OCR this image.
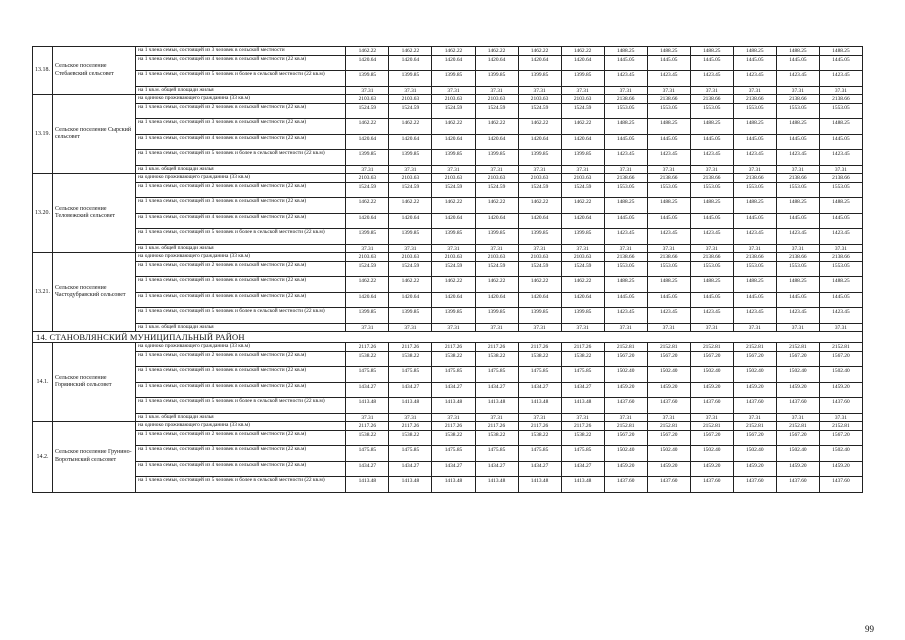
13.18.	Сельское поселение Стебаевский сельсовет	на 1 члена семьи, состоящей из 3 человек в сельской местности	1462.22	1462.22	1462.22	1462.22	1462.22	1462.22	1488.25	1488.25	1488.25	1488.25	1488.25	1488.25
		на 1 члена семьи, состоящей из 4 человек в сельской местности (22 кв.м)	1420.64	1420.64	1420.64	1420.64	1420.64	1420.64	1445.05	1445.05	1445.05	1445.05	1445.05	1445.05
		на 1 члена семьи, состоящей из 5 человек и более в сельской местности (22 кв.м)	1399.85	1399.85	1399.85	1399.85	1399.85	1399.85	1423.45	1423.45	1423.45	1423.45	1423.45	1423.45
		на 1 кв.м. общей площади жилья	37.31	37.31	37.31	37.31	37.31	37.31	37.31	37.31	37.31	37.31	37.31	37.31
13.19.	Сельское поселение Сырский сельсовет	на одиноко проживающего гражданина (33 кв.м)	2103.63	2103.63	2103.63	2103.63	2103.63	2103.63	2138.66	2138.66	2138.66	2138.66	2138.66	2138.66
		на 1 члена семьи, состоящей из 2 человек в сельской местности (22 кв.м)	1524.59	1524.59	1524.59	1524.59	1524.59	1524.59	1553.05	1553.05	1553.05	1553.05	1553.05	1553.05
		на 1 члена семьи, состоящей из 3 человек в сельской местности (22 кв.м)	1462.22	1462.22	1462.22	1462.22	1462.22	1462.22	1488.25	1488.25	1488.25	1488.25	1488.25	1488.25
		на 1 члена семьи, состоящей из 4 человек в сельской местности (22 кв.м)	1420.64	1420.64	1420.64	1420.64	1420.64	1420.64	1445.05	1445.05	1445.05	1445.05	1445.05	1445.05
		на 1 члена семьи, состоящей из 5 человек и более в сельской местности (22 кв.м)	1399.85	1399.85	1399.85	1399.85	1399.85	1399.85	1423.45	1423.45	1423.45	1423.45	1423.45	1423.45
		на 1 кв.м. общей площади жилья	37.31	37.31	37.31	37.31	37.31	37.31	37.31	37.31	37.31	37.31	37.31	37.31
13.20.	Сельское поселение Теловежский сельсовет	на одиноко проживающего гражданина (33 кв.м)	2103.63	2103.63	2103.63	2103.63	2103.63	2103.63	2138.66	2138.66	2138.66	2138.66	2138.66	2138.66
		на 1 члена семьи, состоящей из 2 человек в сельской местности (22 кв.м)	1524.59	1524.59	1524.59	1524.59	1524.59	1524.59	1553.05	1553.05	1553.05	1553.05	1553.05	1553.05
		на 1 члена семьи, состоящей из 3 человек в сельской местности (22 кв.м)	1462.22	1462.22	1462.22	1462.22	1462.22	1462.22	1488.25	1488.25	1488.25	1488.25	1488.25	1488.25
		на 1 члена семьи, состоящей из 4 человек в сельской местности (22 кв.м)	1420.64	1420.64	1420.64	1420.64	1420.64	1420.64	1445.05	1445.05	1445.05	1445.05	1445.05	1445.05
		на 1 члена семьи, состоящей из 5 человек и более в сельской местности (22 кв.м)	1399.85	1399.85	1399.85	1399.85	1399.85	1399.85	1423.45	1423.45	1423.45	1423.45	1423.45	1423.45
		на 1 кв.м. общей площади жилья	37.31	37.31	37.31	37.31	37.31	37.31	37.31	37.31	37.31	37.31	37.31	37.31
13.21.	Сельское поселение Частодубравский сельсовет	на одиноко проживающего гражданина (33 кв.м)	2103.63	2103.63	2103.63	2103.63	2103.63	2103.63	2138.66	2138.66	2138.66	2138.66	2138.66	2138.66
		на 1 члена семьи, состоящей из 2 человек в сельской местности (22 кв.м)	1524.59	1524.59	1524.59	1524.59	1524.59	1524.59	1553.05	1553.05	1553.05	1553.05	1553.05	1553.05
		на 1 члена семьи, состоящей из 3 человек в сельской местности (22 кв.м)	1462.22	1462.22	1462.22	1462.22	1462.22	1462.22	1488.25	1488.25	1488.25	1488.25	1488.25	1488.25
		на 1 члена семьи, состоящей из 4 человек в сельской местности (22 кв.м)	1420.64	1420.64	1420.64	1420.64	1420.64	1420.64	1445.05	1445.05	1445.05	1445.05	1445.05	1445.05
		на 1 члена семьи, состоящей из 5 человек и более в сельской местности (22 кв.м)	1399.85	1399.85	1399.85	1399.85	1399.85	1399.85	1423.45	1423.45	1423.45	1423.45	1423.45	1423.45
		на 1 кв.м. общей площади жилья	37.31	37.31	37.31	37.31	37.31	37.31	37.31	37.31	37.31	37.31	37.31	37.31
14. СТАНОВЛЯНСКИЙ МУНИЦИПАЛЬНЫЙ РАЙОН														
14.1.	Сельское поселение Горяинский сельсовет	на одиноко проживающего гражданина (33 кв.м)	2117.26	2117.26	2117.26	2117.26	2117.26	2117.26	2152.81	2152.81	2152.81	2152.81	2152.81	2152.81
		на 1 члена семьи, состоящей из 2 человек в сельской местности (22 кв.м)	1538.22	1538.22	1538.22	1538.22	1538.22	1538.22	1567.20	1567.20	1567.20	1567.20	1567.20	1567.20
		на 1 члена семьи, состоящей из 3 человек в сельской местности (22 кв.м)	1475.85	1475.85	1475.85	1475.85	1475.85	1475.85	1502.40	1502.40	1502.40	1502.40	1502.40	1502.40
		на 1 члена семьи, состоящей из 4 человек в сельской местности (22 кв.м)	1434.27	1434.27	1434.27	1434.27	1434.27	1434.27	1459.20	1459.20	1459.20	1459.20	1459.20	1459.20
		на 1 члена семьи, состоящей из 5 человек и более в сельской местности (22 кв.м)	1413.48	1413.48	1413.48	1413.48	1413.48	1413.48	1437.60	1437.60	1437.60	1437.60	1437.60	1437.60
		на 1 кв.м. общей площади жилья	37.31	37.31	37.31	37.31	37.31	37.31	37.31	37.31	37.31	37.31	37.31	37.31
14.2.	Сельское поселение Грунино-Воротынский сельсовет	на одиноко проживающего гражданина (33 кв.м)	2117.26	2117.26	2117.26	2117.26	2117.26	2117.26	2152.81	2152.81	2152.81	2152.81	2152.81	2152.81
		на 1 члена семьи, состоящей из 2 человек в сельской местности (22 кв.м)	1538.22	1538.22	1538.22	1538.22	1538.22	1538.22	1567.20	1567.20	1567.20	1567.20	1567.20	1567.20
		на 1 члена семьи, состоящей из 3 человек в сельской местности (22 кв.м)	1475.85	1475.85	1475.85	1475.85	1475.85	1475.85	1502.40	1502.40	1502.40	1502.40	1502.40	1502.40
		на 1 члена семьи, состоящей из 4 человек в сельской местности (22 кв.м)	1434.27	1434.27	1434.27	1434.27	1434.27	1434.27	1459.20	1459.20	1459.20	1459.20	1459.20	1459.20
		на 1 члена семьи, состоящей из 5 человек и более в сельской местности (22 кв.м)	1413.48	1413.48	1413.48	1413.48	1413.48	1413.48	1437.60	1437.60	1437.60	1437.60	1437.60	1437.60
99
